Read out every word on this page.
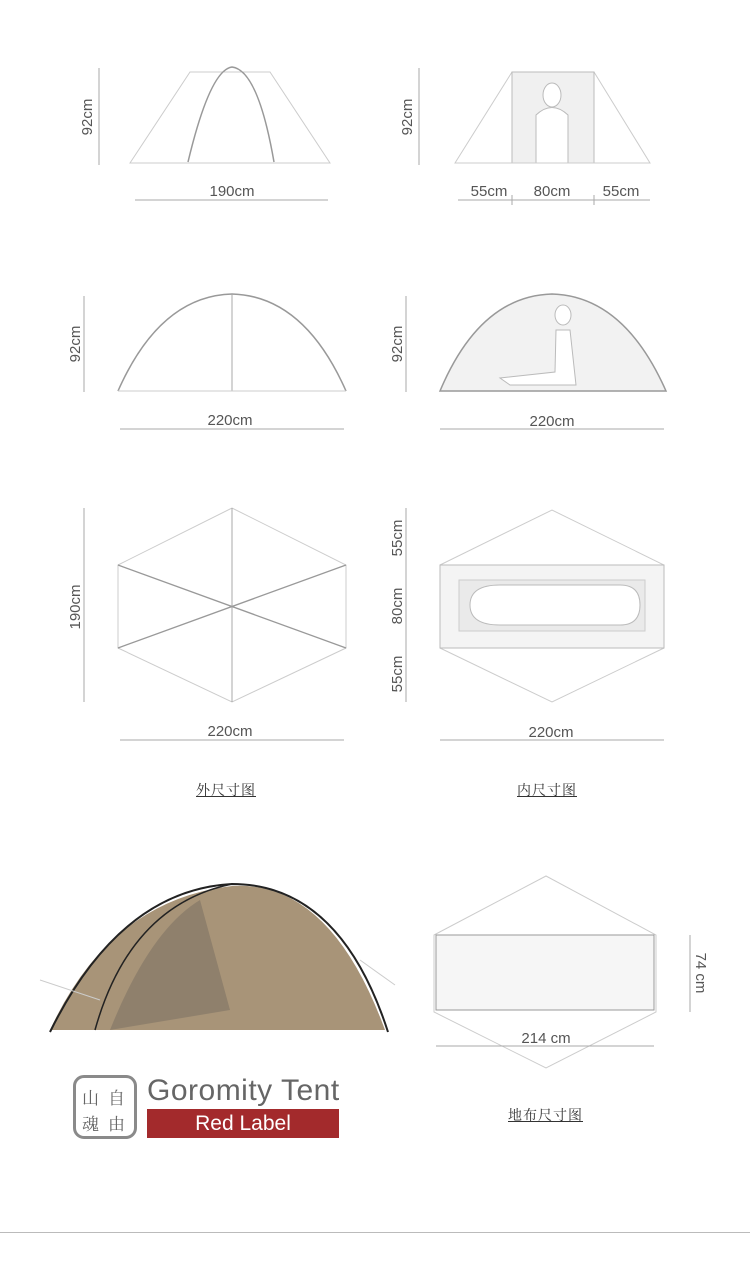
92cm
190cm
92cm
55cm 80cm 55cm
92cm
220cm
92cm
220cm
190cm
220cm
55cm
80cm
55cm
220cm
214 cm
74 cm
外尺寸图	内尺寸图
地布尺寸图
山 自
魂 由
Goromity Tent
Red Label
